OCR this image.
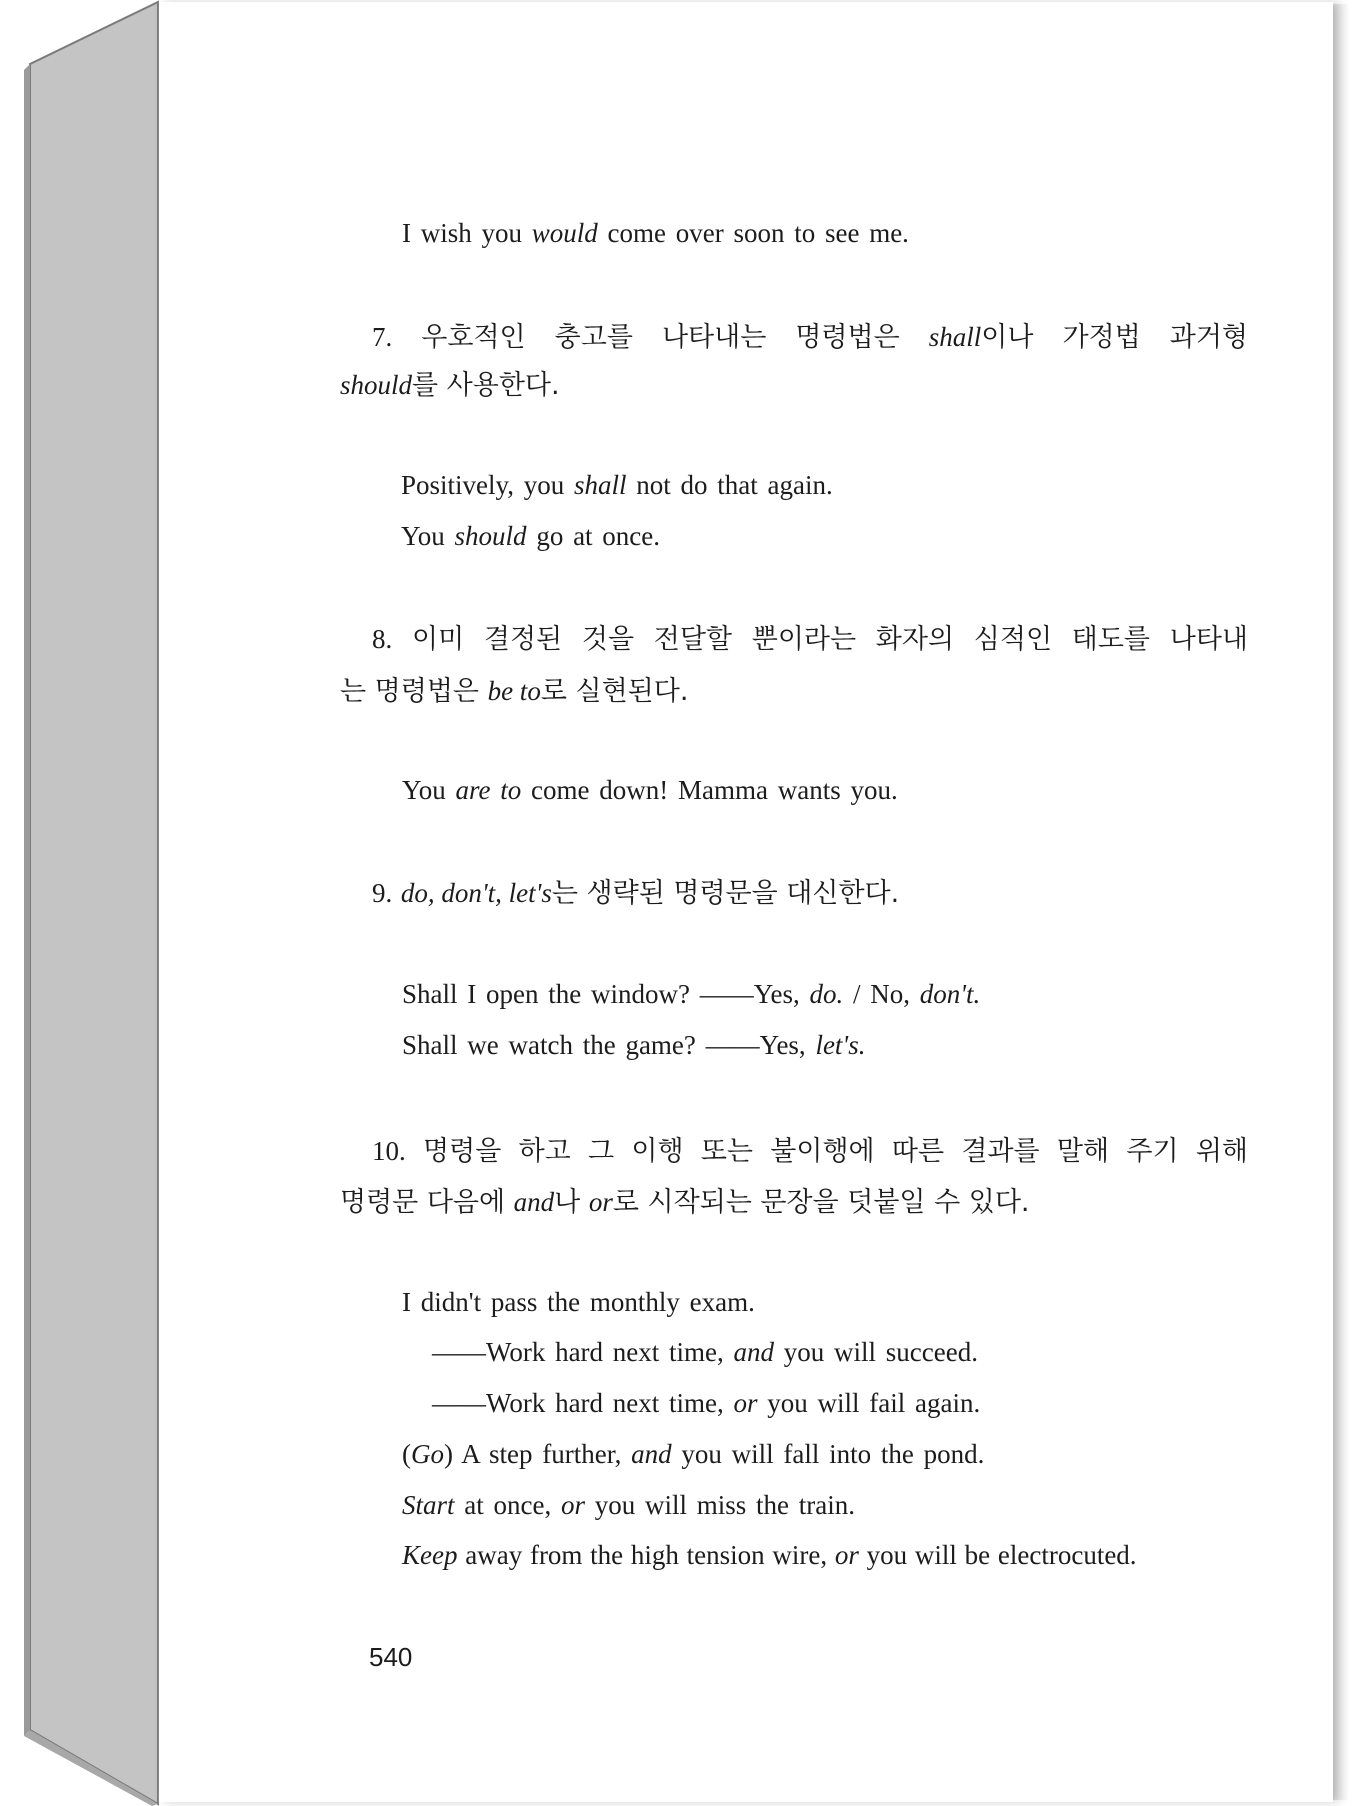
I wish you would come over soon to see me.

7. 우호적인 충고를 나타내는 명령법은 shall이나 가정법 과거형

should를 사용한다.

Positively, you shall not do that again.

You should go at once.

8. 이미 결정된 것을 전달할 뿐이라는 화자의 심적인 태도를 나타내

는 명령법은 be to로 실현된다.

You are to come down! Mamma wants you.

9. do, don't, let's는 생략된 명령문을 대신한다.

Shall I open the window? ――Yes, do. / No, don't.

Shall we watch the game? ――Yes, let's.

10. 명령을 하고 그 이행 또는 불이행에 따른 결과를 말해 주기 위해

명령문 다음에 and나 or로 시작되는 문장을 덧붙일 수 있다.

I didn't pass the monthly exam.

――Work hard next time, and you will succeed.

――Work hard next time, or you will fail again.

(Go) A step further, and you will fall into the pond.

Start at once, or you will miss the train.

Keep away from the high tension wire, or you will be electrocuted.

540
